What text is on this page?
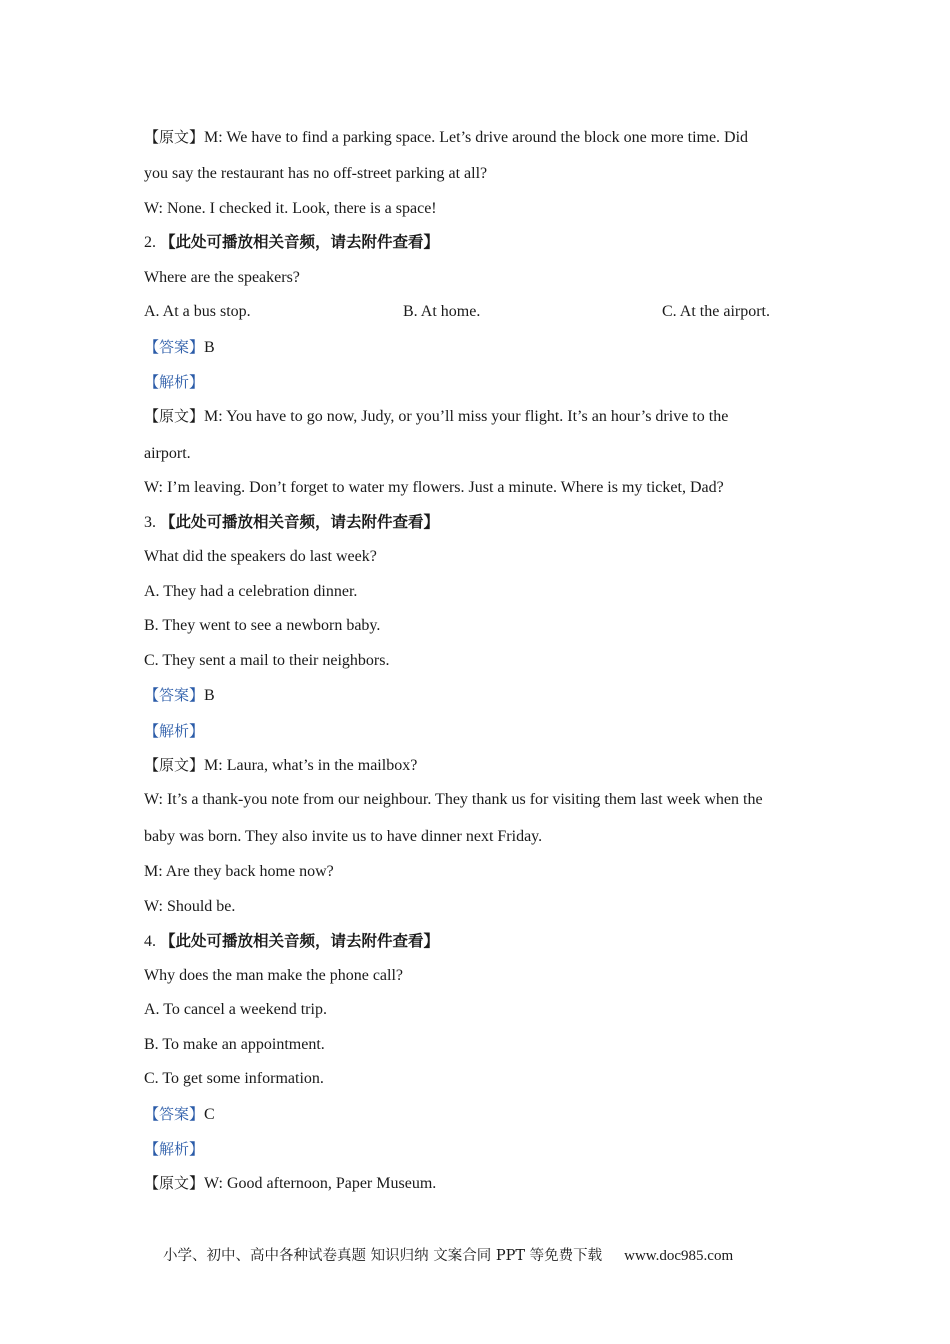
【原文】M: We have to find a parking space. Let’s drive around the block one more time. Did
you say the restaurant has no off-street parking at all?
W: None. I checked it. Look, there is a space!
2. 【此处可播放相关音频，请去附件查看】
Where are the speakers?
A. At a bus stop.	B. At home.	C. At the airport.
【答案】B
【解析】
【原文】M: You have to go now, Judy, or you’ll miss your flight. It’s an hour’s drive to the
airport.
W: I’m leaving. Don’t forget to water my flowers. Just a minute. Where is my ticket, Dad?
3. 【此处可播放相关音频，请去附件查看】
What did the speakers do last week?
A. They had a celebration dinner.
B. They went to see a newborn baby.
C. They sent a mail to their neighbors.
【答案】B
【解析】
【原文】M: Laura, what’s in the mailbox?
W: It’s a thank-you note from our neighbour. They thank us for visiting them last week when the
baby was born. They also invite us to have dinner next Friday.
M: Are they back home now?
W: Should be.
4. 【此处可播放相关音频，请去附件查看】
Why does the man make the phone call?
A. To cancel a weekend trip.
B. To make an appointment.
C. To get some information.
【答案】C
【解析】
【原文】W: Good afternoon, Paper Museum.
小学、初中、高中各种试卷真题 知识归纳 文案合同 PPT 等免费下载 www.doc985.com
